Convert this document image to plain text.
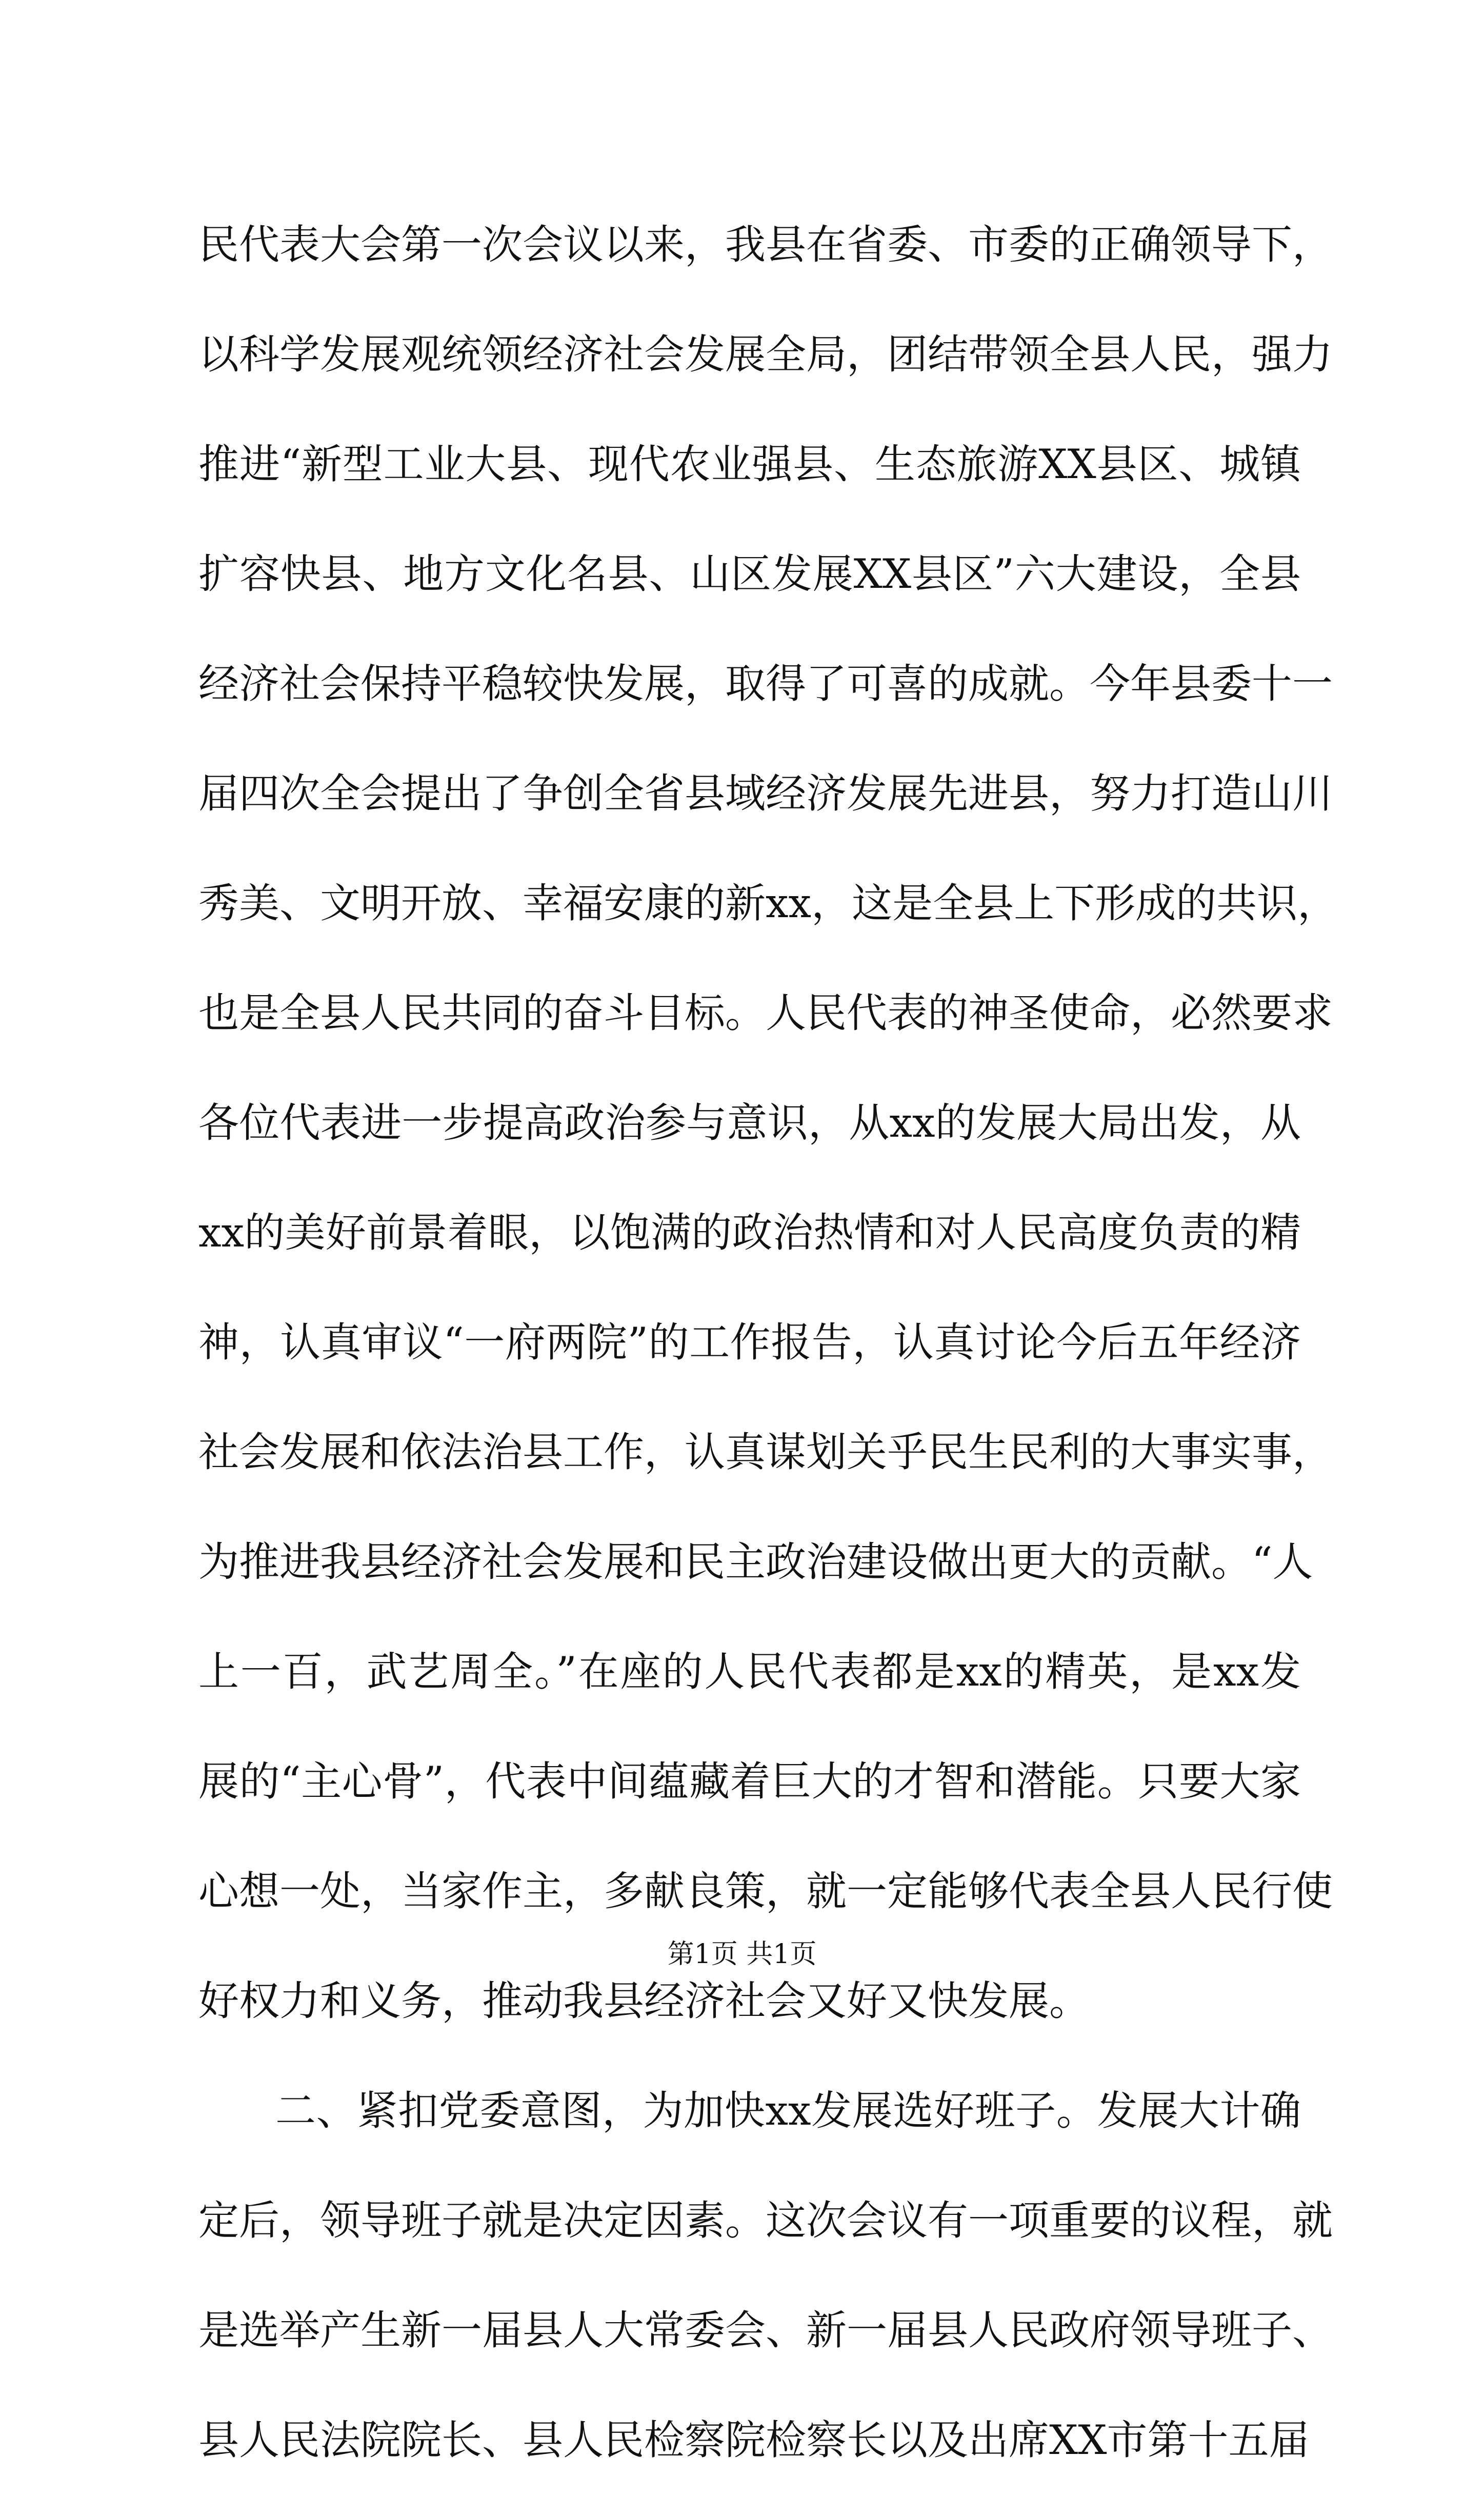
民代表大会第一次会议以来，我县在省委、市委的正确领导下，
以科学发展观统领经济社会发展全局，团结带领全县人民，强力
推进“新型工业大县、现代农业强县、生态旅游XX县区、城镇
扩容快县、地方文化名县、山区发展XX县区”六大建设，全县
经济社会保持平稳较快发展，取得了可喜的成就。今年县委十一
届四次全会提出了争创全省县域经济发展先进县，努力打造山川
秀美、文明开放、幸福安康的新xx，这是全县上下形成的共识，
也是全县人民共同的奋斗目标。人民代表的神圣使命，必然要求
各位代表进一步提高政治参与意识，从xx的发展大局出发，从
xx的美好前景着眼，以饱满的政治热情和对人民高度负责的精
神，认真审议“一府两院”的工作报告，认真讨论今后五年经济
社会发展和依法治县工作，认真谋划关乎民生民利的大事实事，
为推进我县经济社会发展和民主政治建设做出更大的贡献。“人
上一百，武艺周全。”在座的人民代表都是xx的精英，是xx发
展的“主心骨”，代表中间蕴藏着巨大的才智和潜能。只要大家
心想一处，当家作主，多献良策，就一定能够代表全县人民行使
好权力和义务，推动我县经济社会又好又快发展。
二、紧扣党委意图，为加快xx发展选好班子。发展大计确
定后，领导班子就是决定因素。这次会议有一项重要的议程，就
是选举产生新一届县人大常委会、新一届县人民政府领导班子、
县人民法院院长、县人民检察院检察长以及出席XX市第十五届
第1页 共1页
